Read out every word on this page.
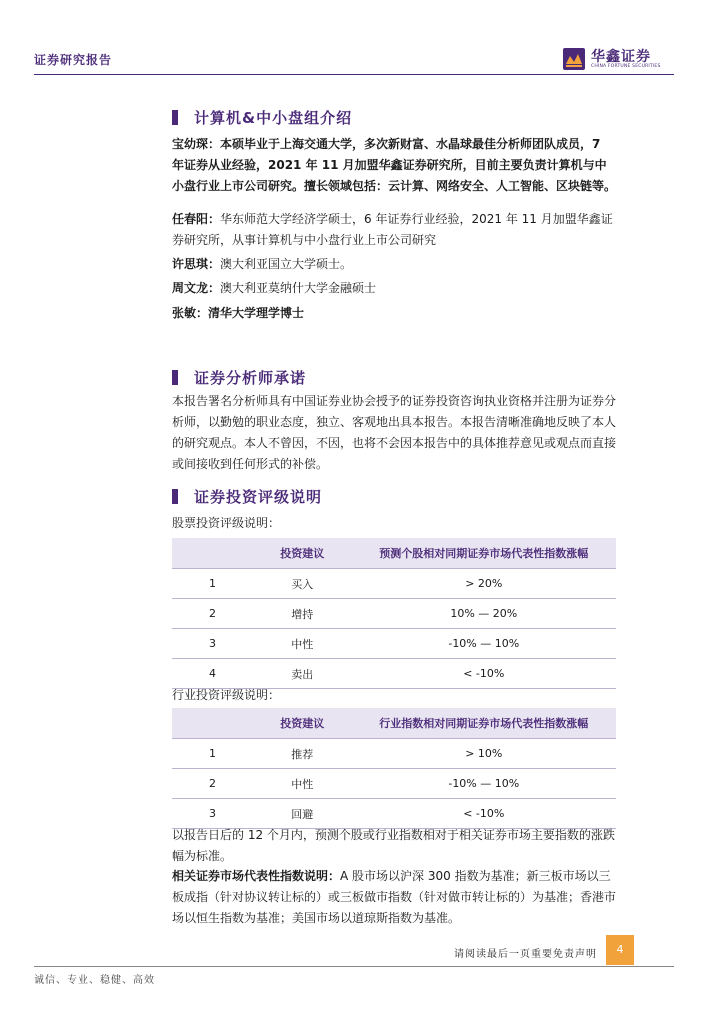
证券研究报告	华鑫证券
CHINA FORTUNE SECURITIES
计算机&中小盘组介绍
宝幼琛：本硕毕业于上海交通大学，多次新财富、水晶球最佳分析师团队成员，7 年证券从业经验，2021 年 11 月加盟华鑫证券研究所，目前主要负责计算机与中小盘行业上市公司研究。擅长领域包括：云计算、网络安全、人工智能、区块链等。
任春阳：华东师范大学经济学硕士，6 年证券行业经验，2021 年 11 月加盟华鑫证券研究所，从事计算机与中小盘行业上市公司研究
许思琪：澳大利亚国立大学硕士。
周文龙：澳大利亚莫纳什大学金融硕士
张敏：清华大学理学博士
证券分析师承诺
本报告署名分析师具有中国证券业协会授予的证券投资咨询执业资格并注册为证券分析师，以勤勉的职业态度，独立、客观地出具本报告。本报告清晰准确地反映了本人的研究观点。本人不曾因，不因，也将不会因本报告中的具体推荐意见或观点而直接或间接收到任何形式的补偿。
证券投资评级说明
股票投资评级说明：
	投资建议	预测个股相对同期证券市场代表性指数涨幅
1	买入	> 20%
2	增持	10% — 20%
3	中性	-10% — 10%
4	卖出	< -10%
行业投资评级说明：
	投资建议	行业指数相对同期证券市场代表性指数涨幅
1	推荐	> 10%
2	中性	-10% — 10%
3	回避	< -10%
以报告日后的 12 个月内，预测个股或行业指数相对于相关证券市场主要指数的涨跌幅为标准。
相关证券市场代表性指数说明：A 股市场以沪深 300 指数为基准；新三板市场以三板成指（针对协议转让标的）或三板做市指数（针对做市转让标的）为基准；香港市场以恒生指数为基准；美国市场以道琼斯指数为基准。
请阅读最后一页重要免责声明	4
诚信、专业、稳健、高效
